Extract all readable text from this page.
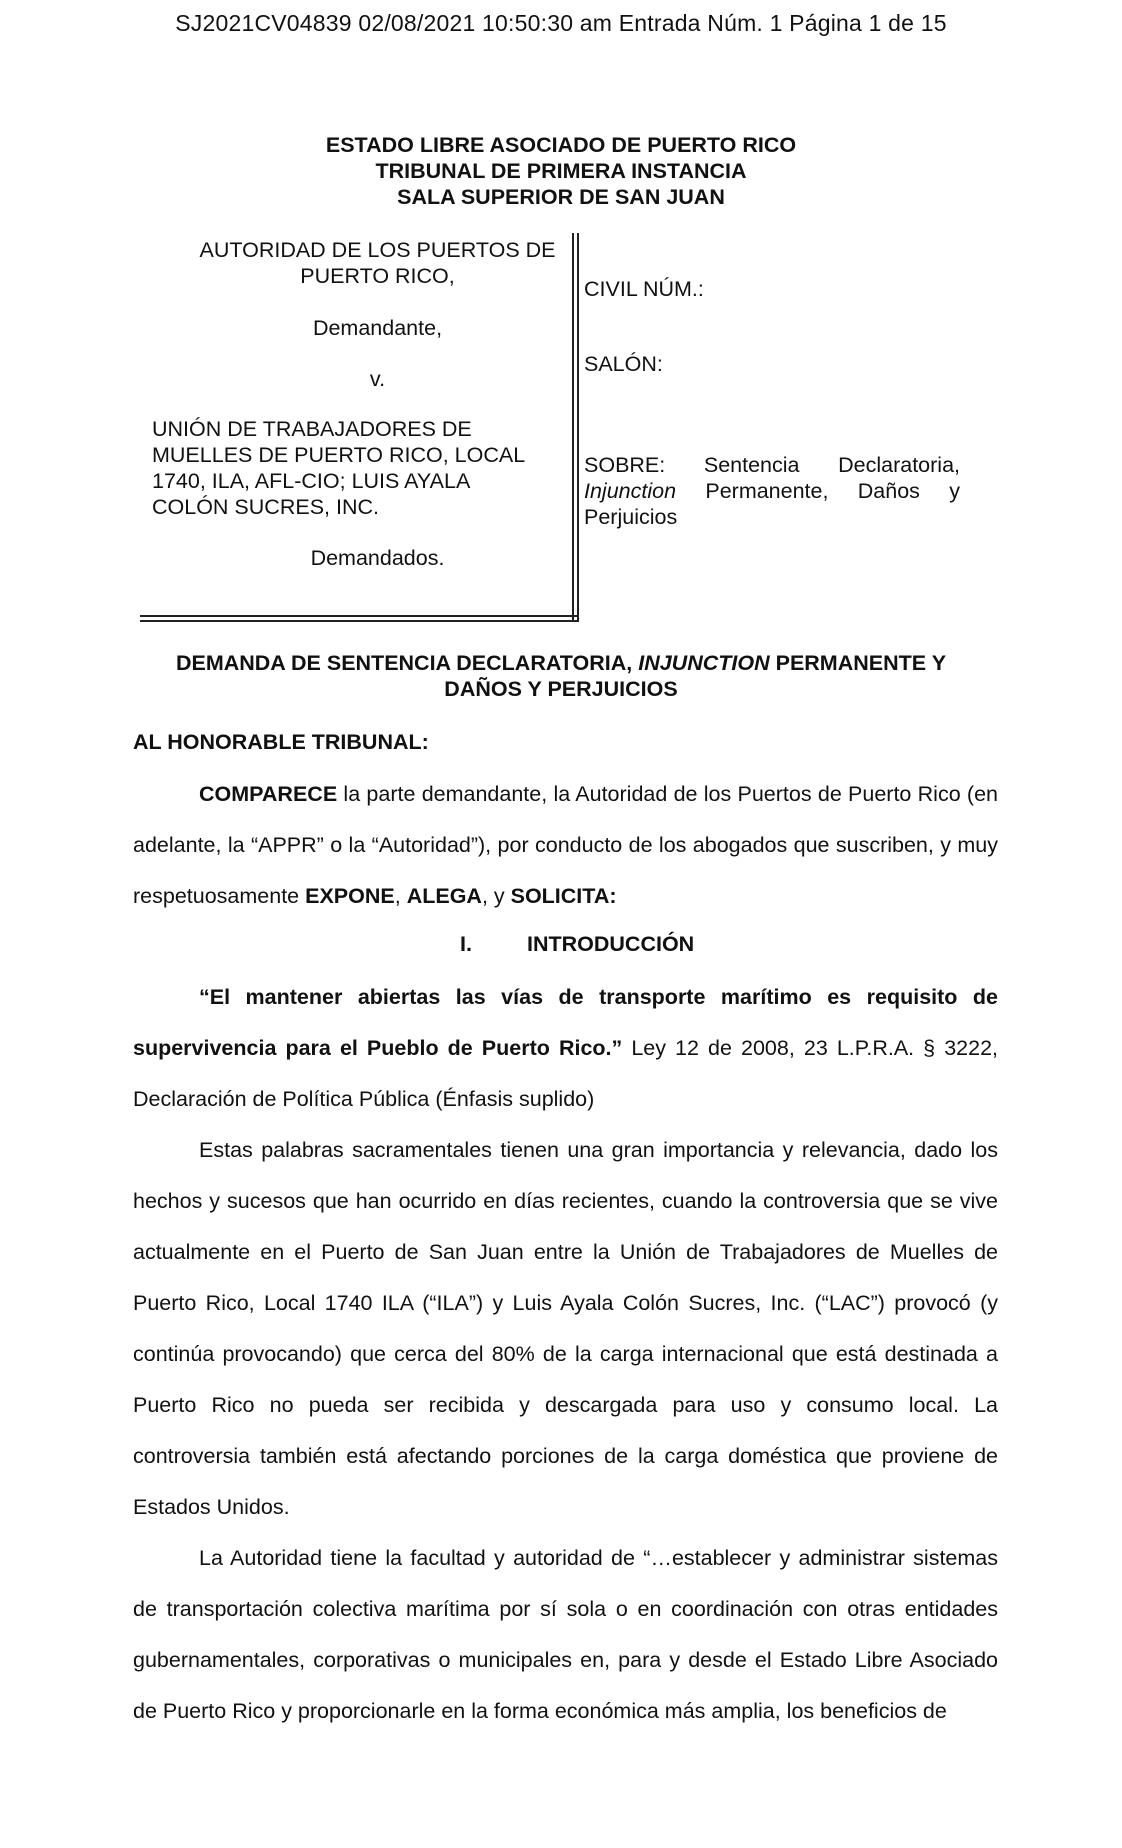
SJ2021CV04839 02/08/2021 10:50:30 am Entrada Núm. 1 Página 1 de 15
ESTADO LIBRE ASOCIADO DE PUERTO RICO
TRIBUNAL DE PRIMERA INSTANCIA
SALA SUPERIOR DE SAN JUAN
AUTORIDAD DE LOS PUERTOS DE
PUERTO RICO,
Demandante,
v.
UNIÓN DE TRABAJADORES DE
MUELLES DE PUERTO RICO, LOCAL
1740, ILA, AFL-CIO; LUIS AYALA
COLÓN SUCRES, INC.
Demandados.
CIVIL NÚM.:
SALÓN:
SOBRE: Sentencia Declaratoria,
Injunction Permanente, Daños y
Perjuicios
DEMANDA DE SENTENCIA DECLARATORIA, INJUNCTION PERMANENTE Y
DAÑOS Y PERJUICIOS
AL HONORABLE TRIBUNAL:

COMPARECE la parte demandante, la Autoridad de los Puertos de Puerto Rico (en adelante, la “APPR” o la “Autoridad”), por conducto de los abogados que suscriben, y muy respetuosamente EXPONE, ALEGA, y SOLICITA:

I.	INTRODUCCIÓN

“El mantener abiertas las vías de transporte marítimo es requisito de supervivencia para el Pueblo de Puerto Rico.” Ley 12 de 2008, 23 L.P.R.A. § 3222, Declaración de Política Pública (Énfasis suplido)

Estas palabras sacramentales tienen una gran importancia y relevancia, dado los hechos y sucesos que han ocurrido en días recientes, cuando la controversia que se vive actualmente en el Puerto de San Juan entre la Unión de Trabajadores de Muelles de Puerto Rico, Local 1740 ILA (“ILA”) y Luis Ayala Colón Sucres, Inc. (“LAC”) provocó (y continúa provocando) que cerca del 80% de la carga internacional que está destinada a Puerto Rico no pueda ser recibida y descargada para uso y consumo local. La controversia también está afectando porciones de la carga doméstica que proviene de Estados Unidos.

La Autoridad tiene la facultad y autoridad de “…establecer y administrar sistemas de transportación colectiva marítima por sí sola o en coordinación con otras entidades gubernamentales, corporativas o municipales en, para y desde el Estado Libre Asociado de Puerto Rico y proporcionarle en la forma económica más amplia, los beneficios de
